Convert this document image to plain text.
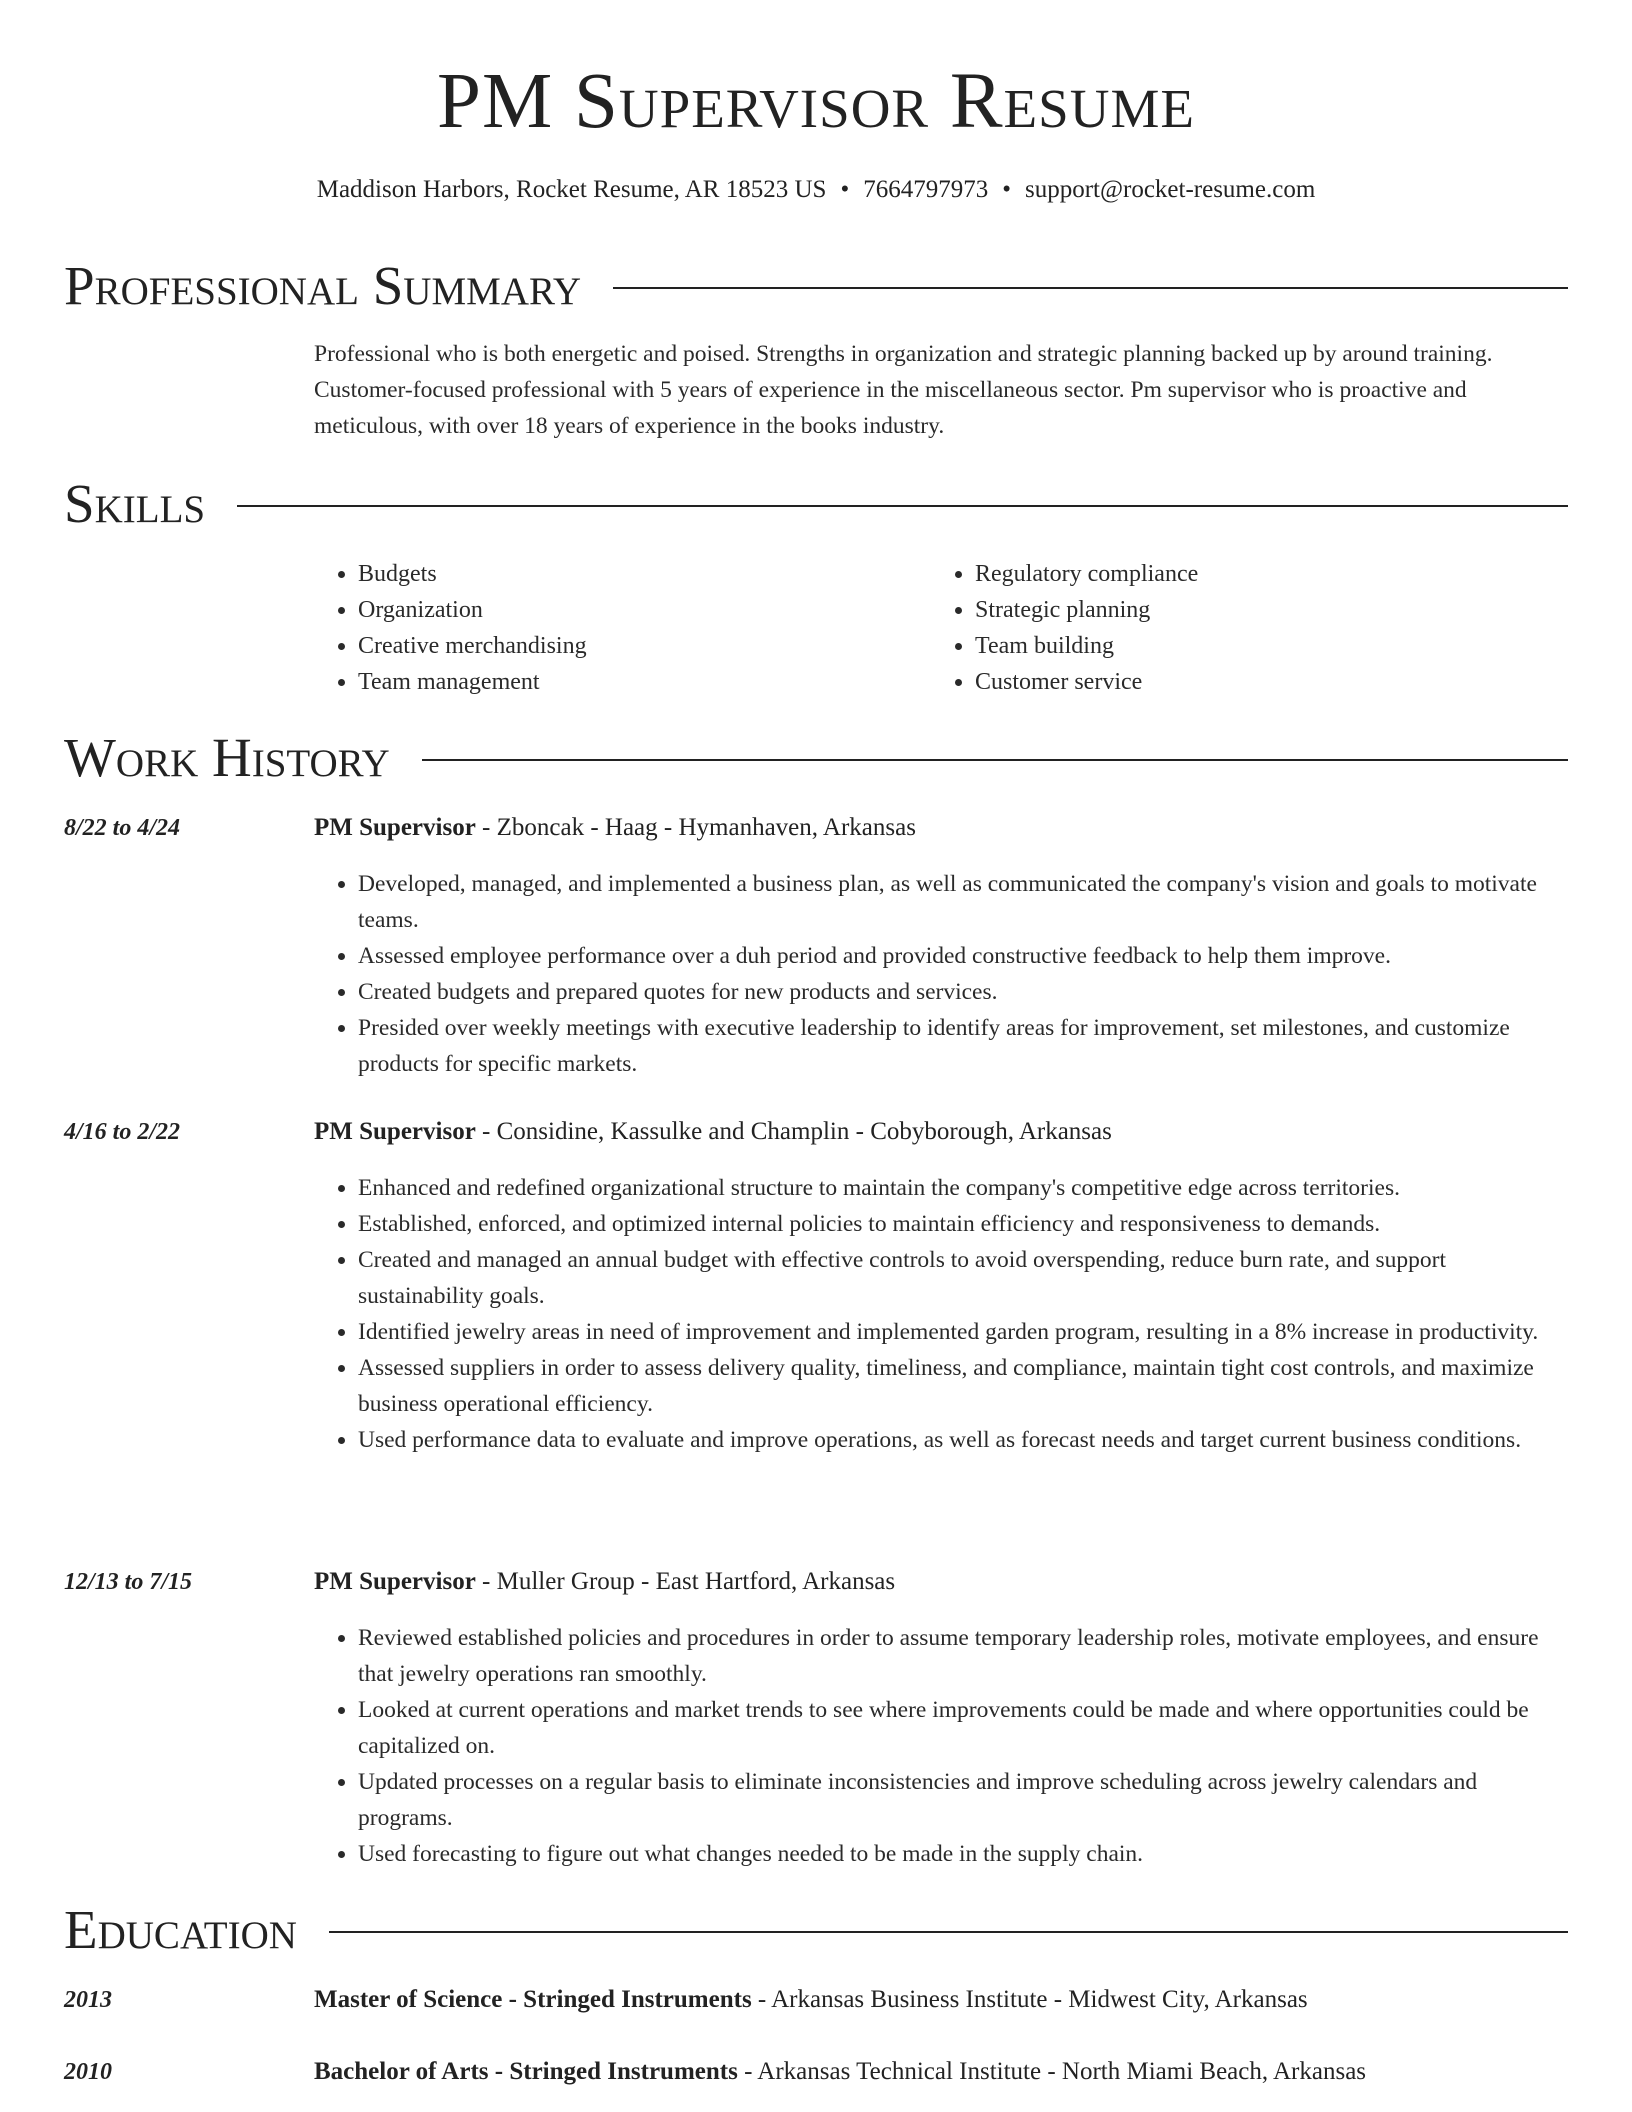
PM Supervisor Resume
Maddison Harbors, Rocket Resume, AR 18523 US • 7664797973 • support@rocket-resume.com
Professional Summary
Professional who is both energetic and poised. Strengths in organization and strategic planning backed up by around training. Customer-focused professional with 5 years of experience in the miscellaneous sector. Pm supervisor who is proactive and meticulous, with over 18 years of experience in the books industry.
Skills
• Budgets
• Organization
• Creative merchandising
• Team management
• Regulatory compliance
• Strategic planning
• Team building
• Customer service
Work History
8/22 to 4/24	PM Supervisor - Zboncak - Haag - Hymanhaven, Arkansas
• Developed, managed, and implemented a business plan, as well as communicated the company's vision and goals to motivate teams.
• Assessed employee performance over a duh period and provided constructive feedback to help them improve.
• Created budgets and prepared quotes for new products and services.
• Presided over weekly meetings with executive leadership to identify areas for improvement, set milestones, and customize products for specific markets.
4/16 to 2/22	PM Supervisor - Considine, Kassulke and Champlin - Cobyborough, Arkansas
• Enhanced and redefined organizational structure to maintain the company's competitive edge across territories.
• Established, enforced, and optimized internal policies to maintain efficiency and responsiveness to demands.
• Created and managed an annual budget with effective controls to avoid overspending, reduce burn rate, and support sustainability goals.
• Identified jewelry areas in need of improvement and implemented garden program, resulting in a 8% increase in productivity.
• Assessed suppliers in order to assess delivery quality, timeliness, and compliance, maintain tight cost controls, and maximize business operational efficiency.
• Used performance data to evaluate and improve operations, as well as forecast needs and target current business conditions.
12/13 to 7/15	PM Supervisor - Muller Group - East Hartford, Arkansas
• Reviewed established policies and procedures in order to assume temporary leadership roles, motivate employees, and ensure that jewelry operations ran smoothly.
• Looked at current operations and market trends to see where improvements could be made and where opportunities could be capitalized on.
• Updated processes on a regular basis to eliminate inconsistencies and improve scheduling across jewelry calendars and programs.
• Used forecasting to figure out what changes needed to be made in the supply chain.
Education
2013	Master of Science - Stringed Instruments - Arkansas Business Institute - Midwest City, Arkansas
2010	Bachelor of Arts - Stringed Instruments - Arkansas Technical Institute - North Miami Beach, Arkansas
